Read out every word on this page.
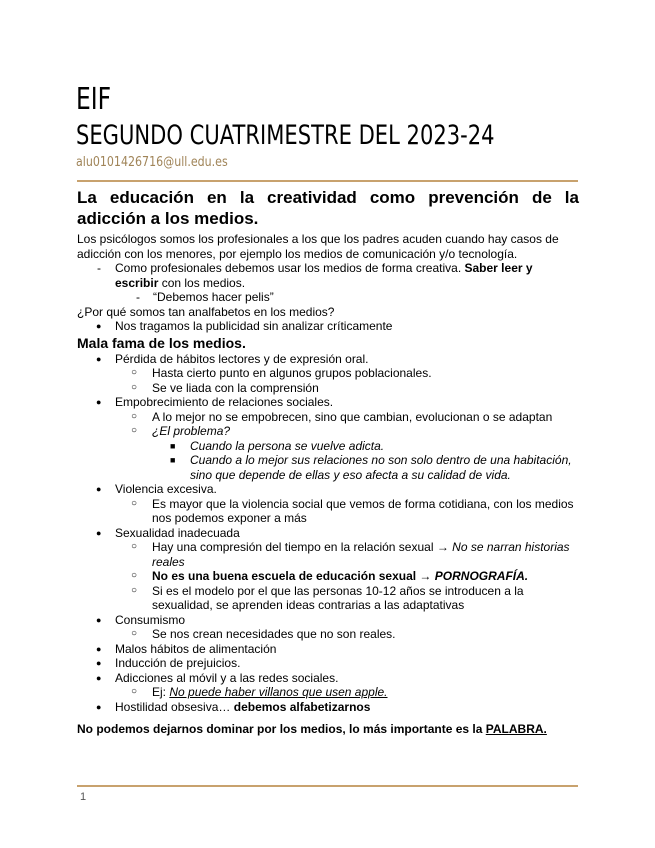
EIF
SEGUNDO CUATRIMESTRE DEL 2023-24
alu0101426716@ull.edu.es

La educación en la creatividad como prevención de la adicción a los medios.

Los psicólogos somos los profesionales a los que los padres acuden cuando hay casos de adicción con los menores, por ejemplo los medios de comunicación y/o tecnología.

- Como profesionales debemos usar los medios de forma creativa. Saber leer y escribir con los medios.

- “Debemos hacer pelis”

¿Por qué somos tan analfabetos en los medios?

● Nos tragamos la publicidad sin analizar críticamente

Mala fama de los medios.

● Pérdida de hábitos lectores y de expresión oral.
○ Hasta cierto punto en algunos grupos poblacionales.
○ Se ve liada con la comprensión
● Empobrecimiento de relaciones sociales.
○ A lo mejor no se empobrecen, sino que cambian, evolucionan o se adaptan
○ ¿El problema?
■ Cuando la persona se vuelve adicta.
■ Cuando a lo mejor sus relaciones no son solo dentro de una habitación, sino que depende de ellas y eso afecta a su calidad de vida.
● Violencia excesiva.
○ Es mayor que la violencia social que vemos de forma cotidiana, con los medios nos podemos exponer a más
● Sexualidad inadecuada
○ Hay una compresión del tiempo en la relación sexual → No se narran historias reales
○ No es una buena escuela de educación sexual → PORNOGRAFÍA.
○ Si es el modelo por el que las personas 10-12 años se introducen a la sexualidad, se aprenden ideas contrarias a las adaptativas
● Consumismo
○ Se nos crean necesidades que no son reales.
● Malos hábitos de alimentación
● Inducción de prejuicios.
● Adicciones al móvil y a las redes sociales.
○ Ej: No puede haber villanos que usen apple.
● Hostilidad obsesiva… debemos alfabetizarnos
No podemos dejarnos dominar por los medios, lo más importante es la PALABRA.
1
